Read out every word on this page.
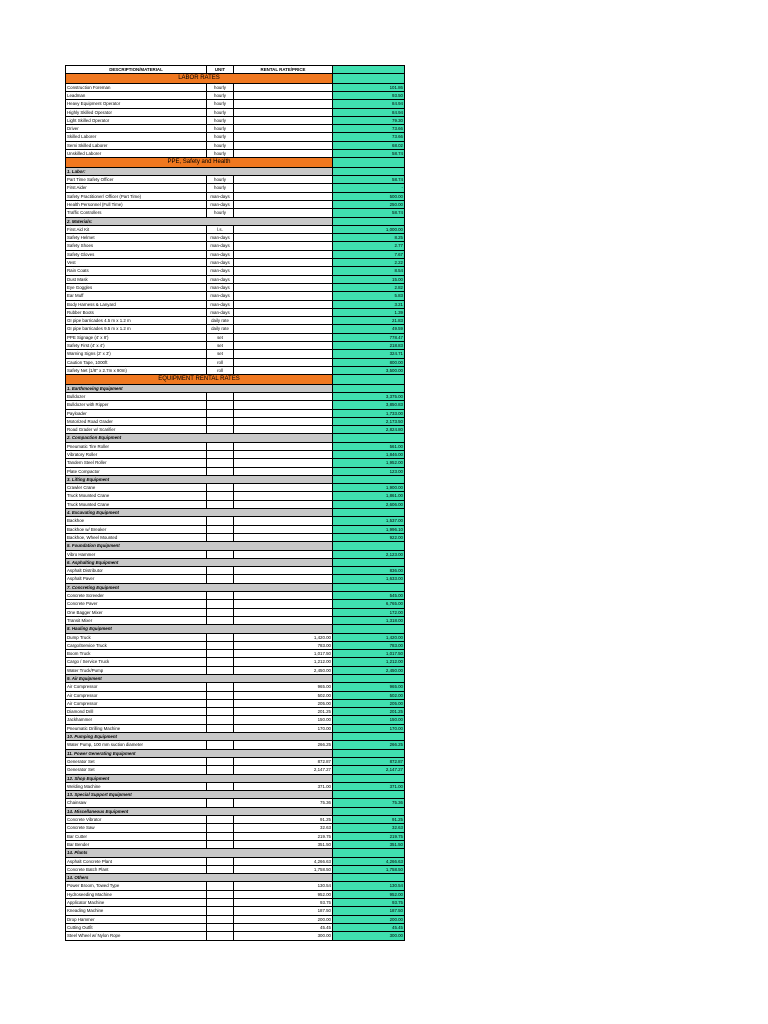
DESCRIPTION/MATERIAL	UNIT	RENTAL RATE/PRICE	
LABOR RATES			
Construction Foreman	hourly		101.86
Leadman	hourly		93.50
Heavy Equipment Operator	hourly		84.94
Highly Skilled Operator	hourly		84.94
Light Skilled Operator	hourly		79.30
Driver	hourly		73.66
Skilled Laborer	hourly		73.66
Semi Skilled Laborer	hourly		68.02
Unskilled Laborer	hourly		58.74
PPE, Safety and Health			
1. Labor:			
Part Time Safety Officer	hourly		58.74
First Aider	hourly		-
Safety Practitioner/ Officer (Part Time)	man-days		500.00
Health Personnel (Full Time)	man-days		250.00
Traffic Controllers	hourly		58.74
2. Materials:			
First Aid Kit	l.s.		1,000.00
Safety Helmet	man-days		8.25
Safety Shoes	man-days		2.77
Safety Gloves	man-days		7.67
Vest	man-days		2.22
Rain Coats	man-days		8.54
Dust Mask	man-days		15.00
Eye Goggles	man-days		2.82
Ear Muff	man-days		5.83
Body Harness & Lanyard	man-days		3.21
Rubber Boots	man-days		1.39
GI pipe barricades 4.5 m x 1.2 m	daily rate		21.83
GI pipe barricades 9.5 m x 1.2 m	daily rate		49.59
PPE Signage (4' x 8')	set		778.47
Safety First (4' x 4')	set		218.83
Warning Signs (2' x 3')	set		324.71
Caution Tape, 1000ft	roll		800.00
Safety Net (1/8" x 2.7m x 90m)	roll		3,500.00
EQUIPMENT RENTAL RATES			
1. Earthmoving Equipment			
Bulldozer			3,375.00
Bulldozer with Ripper			3,850.83
Payloader			1,733.00
Motorized Road Grader			2,173.50
Road Grader w/ Scarifier			2,824.80
2. Compaction Equipment			
Pneumatic Tire Roller			561.00
Vibratory Roller			1,846.00
Tandem Steel Roller			1,952.00
Plate Compactor			123.00
3. Lifting Equipment			
Crawler Crane			1,900.00
Truck Mounted Crane			1,861.00
Truck Mounted Crane			2,606.00
4. Excavating Equipment			
Backhoe			1,537.00
Backhoe w/ Breaker			1,996.10
Backhoe, Wheel Mounted			922.00
5. Foundation Equipment			
Vibro Hammer			2,123.00
6. Asphalting Equipment			
Asphalt Distributor			836.00
Asphalt Paver			1,633.00
7. Concreting Equipment			
Concrete Screeder			545.00
Concrete Paver			6,765.00
One Bagger Mixer			172.00
Transit Mixer			1,318.00
8. Hauling Equipment			
Dump Truck		1,420.00	1,420.00
Cargo/Service Truck		783.00	783.00
Boom Truck		1,017.50	1,017.50
Cargo / Service Truck		1,212.00	1,212.00
Water Truck/Pump		2,450.00	2,450.00
9. Air Equipment			
Air Compressor		965.00	965.00
Air Compressor		502.00	502.00
Air Compressor		205.00	205.00
Diamond Drill		201.25	201.25
Jackhammer		150.00	150.00
Pneumatic Drilling Machine		170.00	170.00
10. Pumping Equipment			
Water Pump, 100 mm suction diameter		266.25	266.25
11. Power Generating Equipment			
Generator Set		872.87	872.87
Generator Set		2,147.27	2,147.27
12. Shop Equipment			
Welding Machine		371.00	371.00
13. Special Support Equipment			
Chainsaw		75.36	75.36
14. Miscellaneous Equipment			
Concrete Vibrator		91.25	91.25
Concrete Saw		32.63	32.63
Bar Cutter		219.75	219.75
Bar Bender		351.50	351.50
14. Plants			
Asphalt Concrete Plant		4,266.63	4,266.63
Concrete Batch Plant		1,758.50	1,758.50
14. Others			
Power Broom, Towed Type		130.54	130.54
Hydroseeding Machine		952.00	952.00
Applicator Machine		93.75	93.75
Kneading Machine		187.50	187.50
Drop Hammer		200.00	200.00
Cutting Outfit		45.45	45.45
Steel Wheel w/ Nylon Rope		300.00	300.00
